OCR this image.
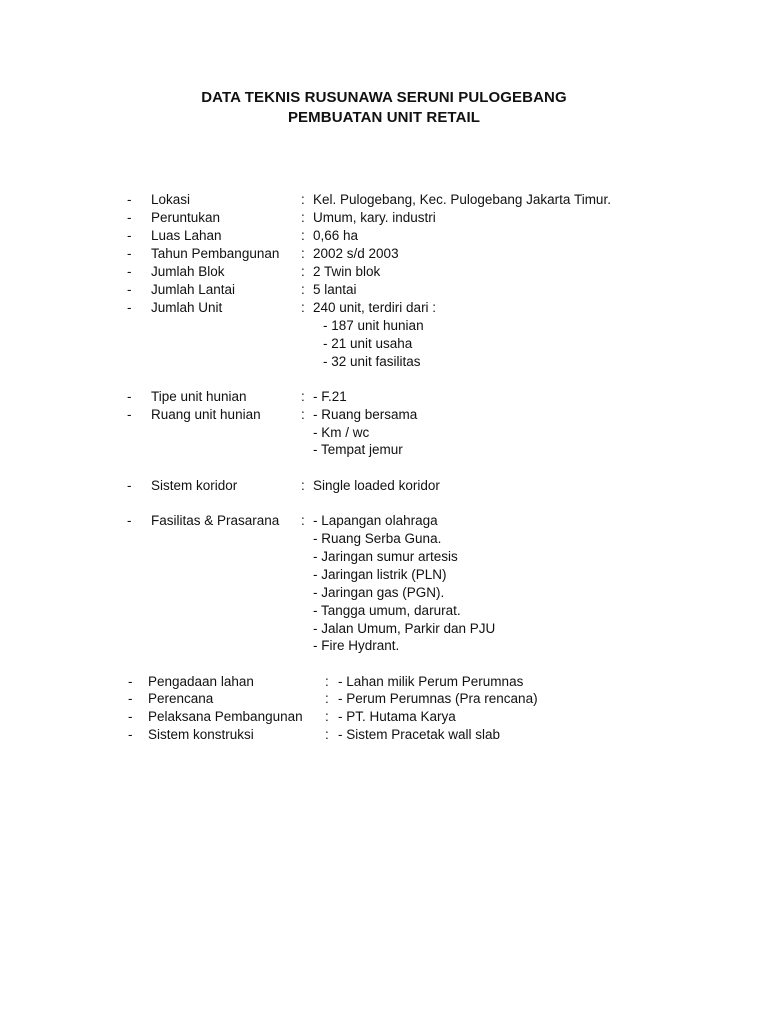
DATA TEKNIS RUSUNAWA SERUNI PULOGEBANG
PEMBUATAN UNIT RETAIL
- Lokasi	: Kel. Pulogebang, Kec. Pulogebang Jakarta Timur.
- Peruntukan	: Umum, kary. industri
- Luas Lahan	: 0,66 ha
- Tahun Pembangunan : 2002 s/d 2003
- Jumlah Blok	: 2 Twin blok
- Jumlah Lantai	: 5 lantai
- Jumlah Unit	: 240 unit, terdiri dari :
- 187 unit hunian
- 21 unit usaha
- 32 unit fasilitas
- Tipe unit hunian	: - F.21
- Ruang unit hunian	: - Ruang bersama
- Km / wc
- Tempat jemur
- Sistem koridor	: Single loaded koridor
- Fasilitas & Prasarana : - Lapangan olahraga
- Ruang Serba Guna.
- Jaringan sumur artesis
- Jaringan listrik (PLN)
- Jaringan gas (PGN).
- Tangga umum, darurat.
- Jalan Umum, Parkir dan PJU
- Fire Hydrant.
- Pengadaan lahan	: - Lahan milik Perum Perumnas
- Perencana	: - Perum Perumnas (Pra rencana)
- Pelaksana Pembangunan : - PT. Hutama Karya
- Sistem konstruksi	: - Sistem Pracetak wall slab
